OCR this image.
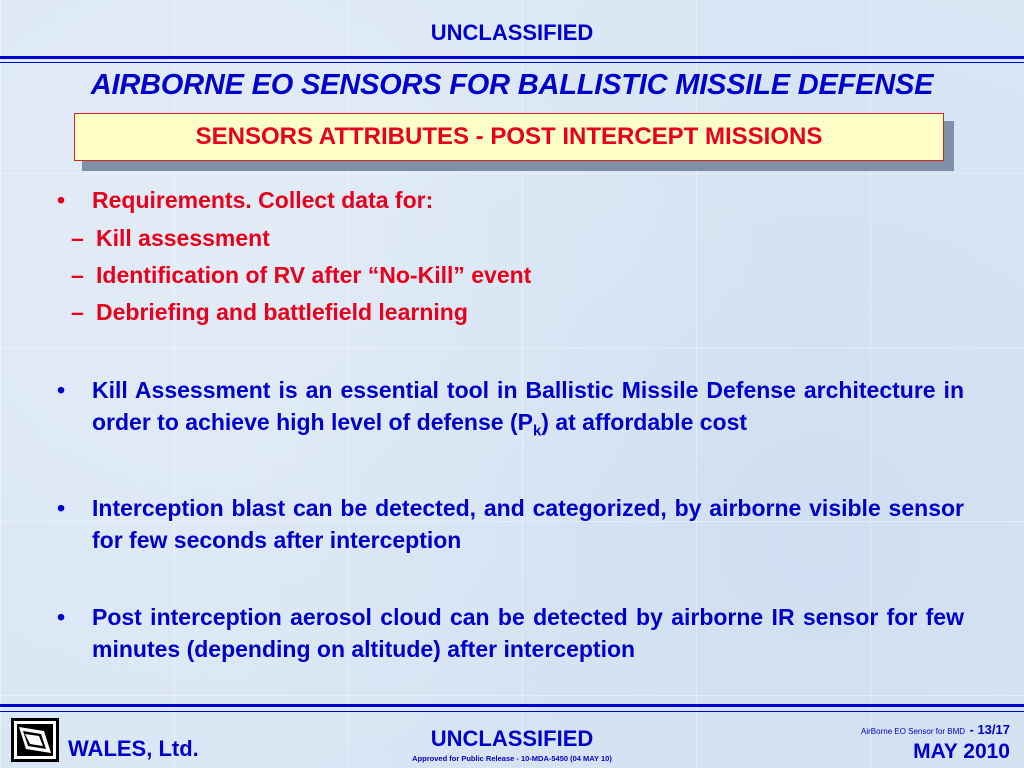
UNCLASSIFIED
AIRBORNE EO SENSORS FOR BALLISTIC MISSILE DEFENSE
SENSORS ATTRIBUTES - POST INTERCEPT MISSIONS
• Requirements. Collect data for:
– Kill assessment
– Identification of RV after “No-Kill” event
– Debriefing and battlefield learning
• Kill Assessment is an essential tool in Ballistic Missile Defense architecture in order to achieve high level of defense $(P_k)$ at affordable cost
• Interception blast can be detected, and categorized, by airborne visible sensor for few seconds after interception
• Post interception aerosol cloud can be detected by airborne IR sensor for few minutes (depending on altitude) after interception
WALES, Ltd.	UNCLASSIFIED
Approved for Public Release - 10-MDA-5450 (04 MAY 10)
AirBorne EO Sensor for BMD - 13/17
MAY 2010
